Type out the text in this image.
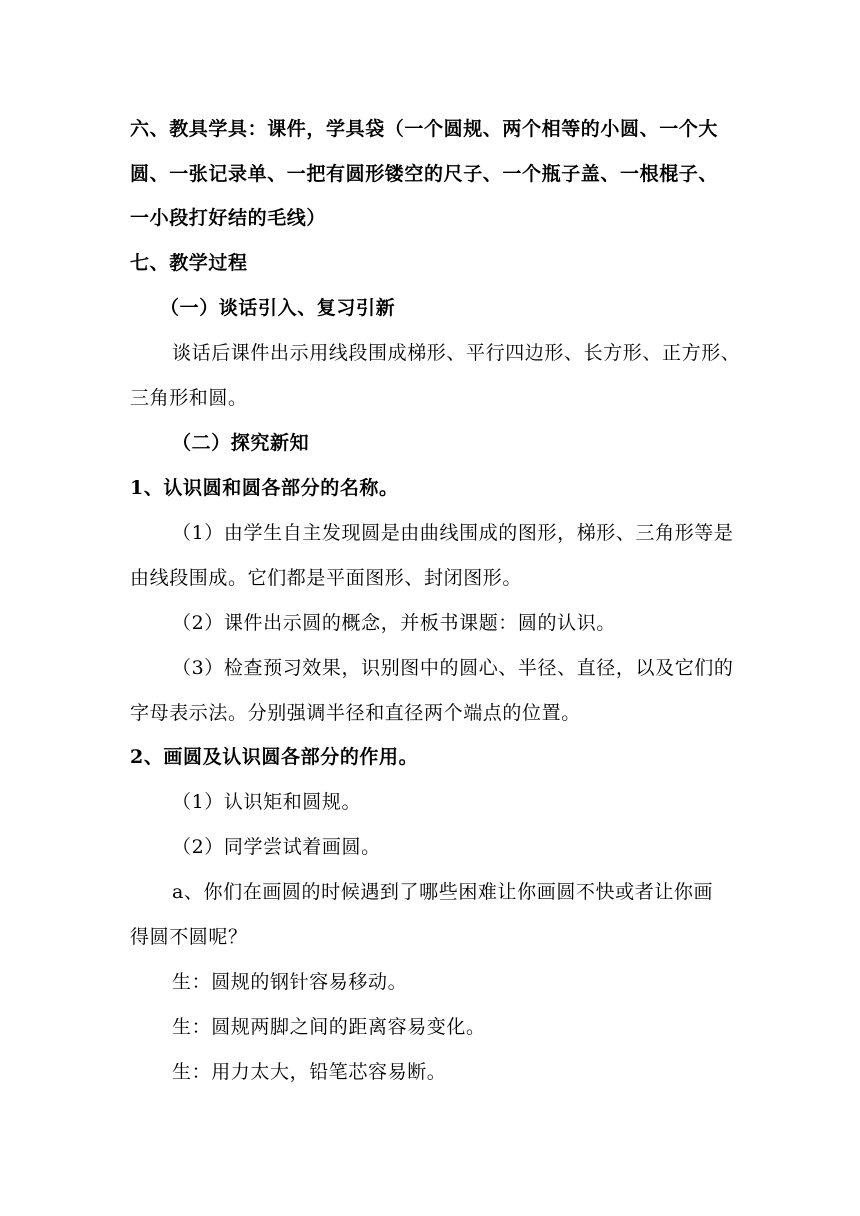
六、教具学具：课件，学具袋（一个圆规、两个相等的小圆、一个大
圆、一张记录单、一把有圆形镂空的尺子、一个瓶子盖、一根棍子、
一小段打好结的毛线）
七、教学过程
（一）谈话引入、复习引新
谈话后课件出示用线段围成梯形、平行四边形、长方形、正方形、
三角形和圆。
（二）探究新知
1、认识圆和圆各部分的名称。
（1）由学生自主发现圆是由曲线围成的图形，梯形、三角形等是
由线段围成。它们都是平面图形、封闭图形。
（2）课件出示圆的概念，并板书课题：圆的认识。
（3）检查预习效果，识别图中的圆心、半径、直径，以及它们的
字母表示法。分别强调半径和直径两个端点的位置。
2、画圆及认识圆各部分的作用。
（1）认识矩和圆规。
（2）同学尝试着画圆。
a、你们在画圆的时候遇到了哪些困难让你画圆不快或者让你画
得圆不圆呢？
生：圆规的钢针容易移动。
生：圆规两脚之间的距离容易变化。
生：用力太大，铅笔芯容易断。
